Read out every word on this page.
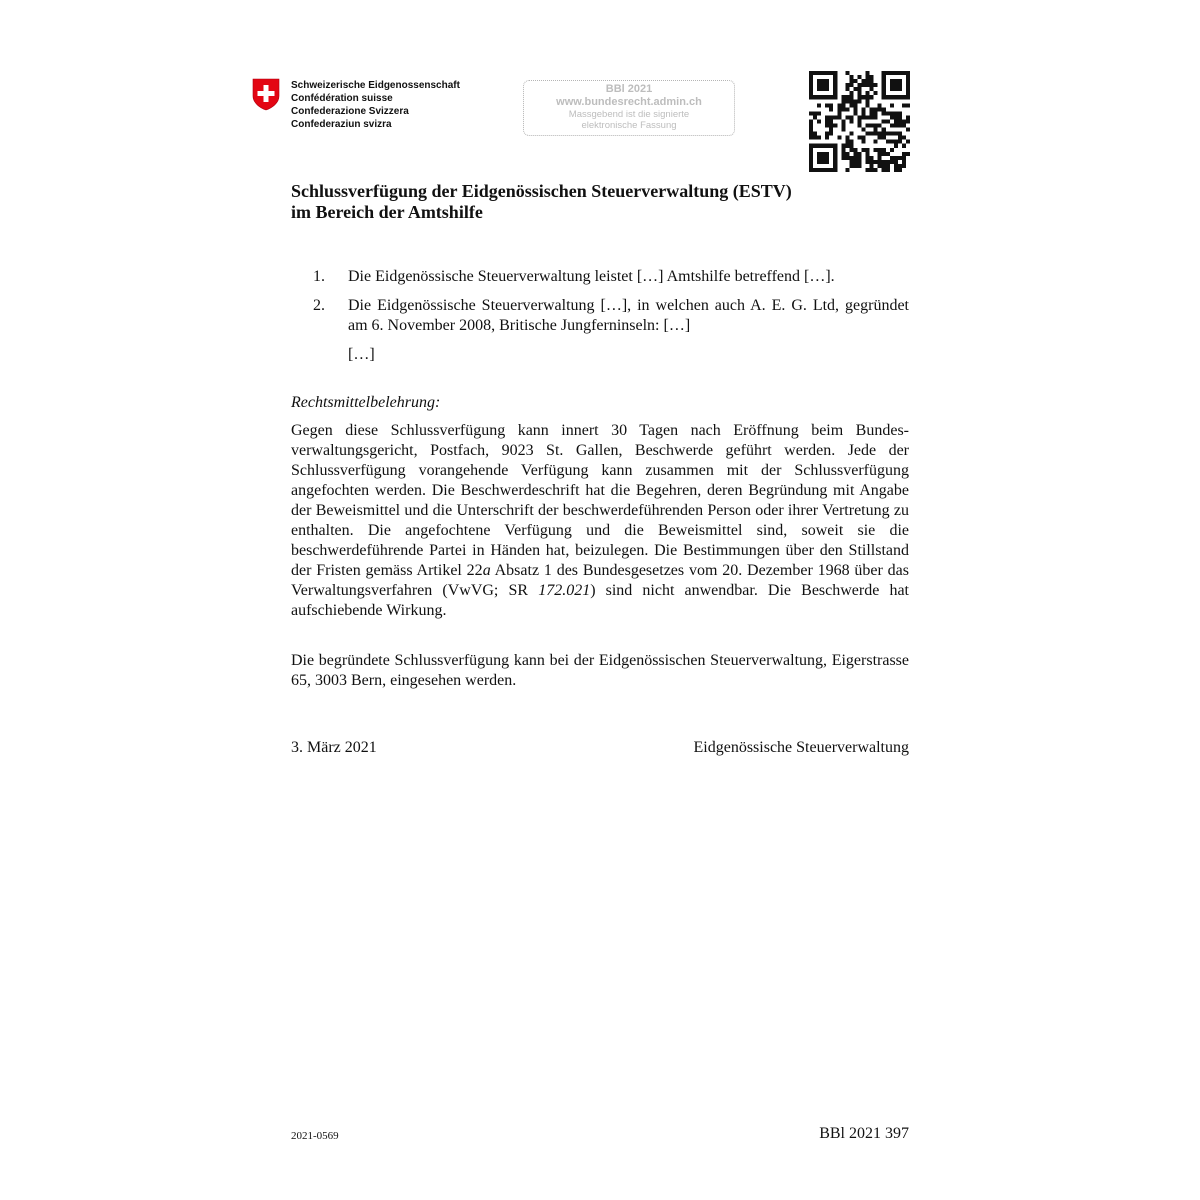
Schweizerische Eidgenossenschaft
Confédération suisse
Confederazione Svizzera
Confederaziun svizra
BBl 2021
www.bundesrecht.admin.ch
Massgebend ist die signierte
elektronische Fassung
Schlussverfügung der Eidgenössischen Steuerverwaltung (ESTV)
im Bereich der Amtshilfe
1. Die Eidgenössische Steuerverwaltung leistet […] Amtshilfe betreffend […].
2. Die Eidgenössische Steuerverwaltung […], in welchen auch A. E. G. Ltd, gegründet am 6. November 2008, Britische Jungferninseln: […]
[…]
Rechtsmittelbelehrung:
Gegen diese Schlussverfügung kann innert 30 Tagen nach Eröffnung beim Bundesverwaltungsgericht, Postfach, 9023 St. Gallen, Beschwerde geführt werden. Jede der Schlussverfügung vorangehende Verfügung kann zusammen mit der Schlussverfügung angefochten werden. Die Beschwerdeschrift hat die Begehren, deren Begründung mit Angabe der Beweismittel und die Unterschrift der beschwerdeführenden Person oder ihrer Vertretung zu enthalten. Die angefochtene Verfügung und die Beweismittel sind, soweit sie die beschwerdeführende Partei in Händen hat, beizulegen. Die Bestimmungen über den Stillstand der Fristen gemäss Artikel 22a Absatz 1 des Bundesgesetzes vom 20. Dezember 1968 über das Verwaltungsverfahren (VwVG; SR 172.021) sind nicht anwendbar. Die Beschwerde hat aufschiebende Wirkung.
Die begründete Schlussverfügung kann bei der Eidgenössischen Steuerverwaltung, Eigerstrasse 65, 3003 Bern, eingesehen werden.
3. März 2021	Eidgenössische Steuerverwaltung
2021-0569	BBl 2021 397
